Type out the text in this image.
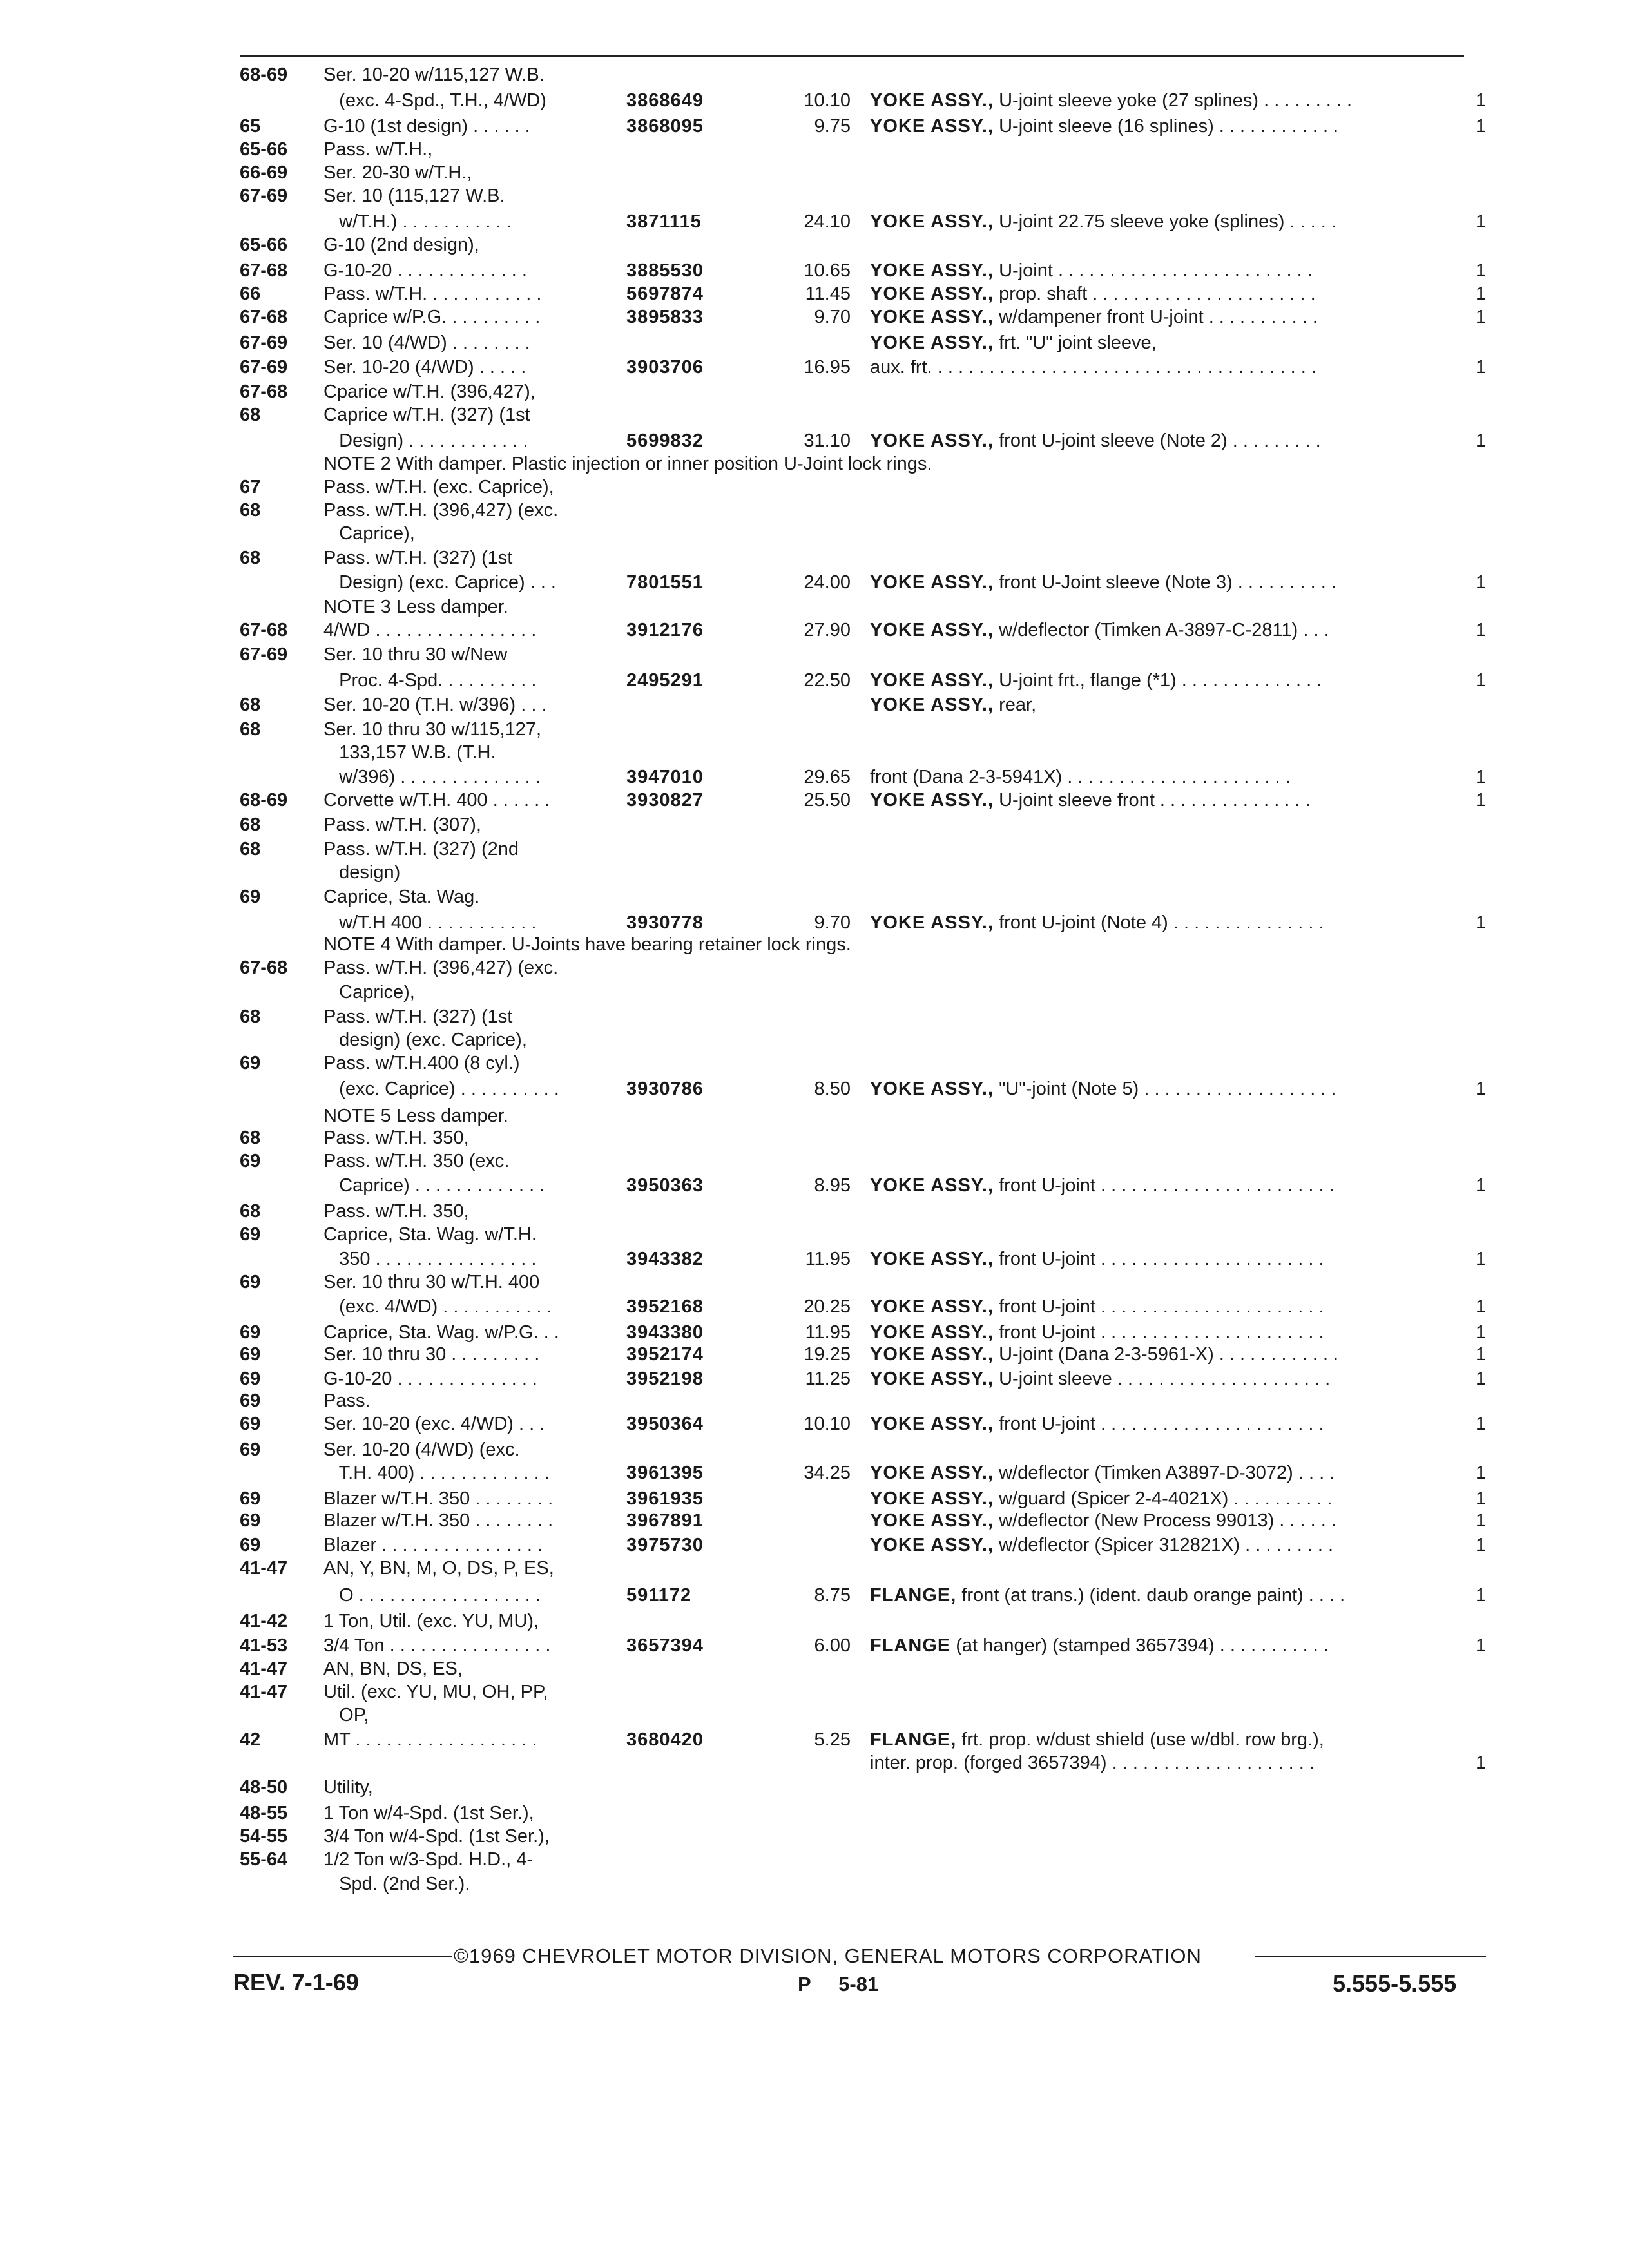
68-69 Ser. 10-20 w/115,127 W.B.
(exc. 4-Spd., T.H., 4/WD)	3868649	10.10 YOKE ASSY., U-joint sleeve yoke (27 splines) . . . . . . . . .	1
65	G-10 (1st design) . . . . . .	3868095	9.75 YOKE ASSY., U-joint sleeve (16 splines) . . . . . . . . . . . .	1
65-66 Pass. w/T.H.,
66-69 Ser. 20-30 w/T.H.,
67-69 Ser. 10 (115,127 W.B.
w/T.H.) . . . . . . . . . . .	3871115	24.10 YOKE ASSY., U-joint 22.75 sleeve yoke (splines) . . . . .	1
65-66 G-10 (2nd design),
67-68 G-10-20 . . . . . . . . . . . . .	3885530	10.65 YOKE ASSY., U-joint . . . . . . . . . . . . . . . . . . . . . . . . .	1
66	Pass. w/T.H. . . . . . . . . . . .	5697874	11.45 YOKE ASSY., prop. shaft . . . . . . . . . . . . . . . . . . . . . .	1
67-68 Caprice w/P.G. . . . . . . . . .	3895833	9.70 YOKE ASSY., w/dampener front U-joint . . . . . . . . . . .	1
67-69 Ser. 10 (4/WD) . . . . . . . .	YOKE ASSY., frt. "U" joint sleeve,
67-69 Ser. 10-20 (4/WD) . . . . .	3903706	16.95 aux. frt. . . . . . . . . . . . . . . . . . . . . . . . . . . . . . . . . . . . . .	1
67-68 Cparice w/T.H. (396,427),
68	Caprice w/T.H. (327) (1st
Design) . . . . . . . . . . . .	5699832	31.10 YOKE ASSY., front U-joint sleeve (Note 2) . . . . . . . . .	1
NOTE 2 With damper. Plastic injection or inner position U-Joint lock rings.
67	Pass. w/T.H. (exc. Caprice),
68	Pass. w/T.H. (396,427) (exc.
Caprice),
68	Pass. w/T.H. (327) (1st
Design) (exc. Caprice) . . .	7801551	24.00 YOKE ASSY., front U-Joint sleeve (Note 3) . . . . . . . . . .	1
NOTE 3 Less damper.
67-68 4/WD . . . . . . . . . . . . . . . .	3912176	27.90 YOKE ASSY., w/deflector (Timken A-3897-C-2811) . . .	1
67-69 Ser. 10 thru 30 w/New
Proc. 4-Spd. . . . . . . . . .	2495291	22.50 YOKE ASSY., U-joint frt., flange (*1) . . . . . . . . . . . . . .	1
68	Ser. 10-20 (T.H. w/396) . . .	YOKE ASSY., rear,
68	Ser. 10 thru 30 w/115,127,
133,157 W.B. (T.H.
w/396) . . . . . . . . . . . . . .	3947010	29.65 front (Dana 2-3-5941X) . . . . . . . . . . . . . . . . . . . . . .	1
68-69 Corvette w/T.H. 400 . . . . . .	3930827	25.50 YOKE ASSY., U-joint sleeve front . . . . . . . . . . . . . . .	1
68	Pass. w/T.H. (307),
68	Pass. w/T.H. (327) (2nd
design)
69	Caprice, Sta. Wag.
w/T.H 400 . . . . . . . . . . .	3930778	9.70 YOKE ASSY., front U-joint (Note 4) . . . . . . . . . . . . . . .	1
NOTE 4 With damper. U-Joints have bearing retainer lock rings.
67-68 Pass. w/T.H. (396,427) (exc.
Caprice),
68	Pass. w/T.H. (327) (1st
design) (exc. Caprice),
69	Pass. w/T.H.400 (8 cyl.)
(exc. Caprice) . . . . . . . . . .	3930786	8.50 YOKE ASSY., "U"-joint (Note 5) . . . . . . . . . . . . . . . . . . .	1
NOTE 5 Less damper.
68	Pass. w/T.H. 350,
69	Pass. w/T.H. 350 (exc.
Caprice) . . . . . . . . . . . . .	3950363	8.95 YOKE ASSY., front U-joint . . . . . . . . . . . . . . . . . . . . . . .	1
68	Pass. w/T.H. 350,
69	Caprice, Sta. Wag. w/T.H.
350 . . . . . . . . . . . . . . . .	3943382	11.95 YOKE ASSY., front U-joint . . . . . . . . . . . . . . . . . . . . . .	1
69	Ser. 10 thru 30 w/T.H. 400
(exc. 4/WD) . . . . . . . . . . .	3952168	20.25 YOKE ASSY., front U-joint . . . . . . . . . . . . . . . . . . . . . .	1
69	Caprice, Sta. Wag. w/P.G. . .	3943380	11.95 YOKE ASSY., front U-joint . . . . . . . . . . . . . . . . . . . . . .	1
69	Ser. 10 thru 30 . . . . . . . . .	3952174	19.25 YOKE ASSY., U-joint (Dana 2-3-5961-X) . . . . . . . . . . . .	1
69	G-10-20 . . . . . . . . . . . . . .	3952198	11.25 YOKE ASSY., U-joint sleeve . . . . . . . . . . . . . . . . . . . . .	1
69	Pass.
69	Ser. 10-20 (exc. 4/WD) . . .	3950364	10.10 YOKE ASSY., front U-joint . . . . . . . . . . . . . . . . . . . . . .	1
69	Ser. 10-20 (4/WD) (exc.
T.H. 400) . . . . . . . . . . . . .	3961395	34.25 YOKE ASSY., w/deflector (Timken A3897-D-3072) . . . .	1
69	Blazer w/T.H. 350 . . . . . . . .	3961935	YOKE ASSY., w/guard (Spicer 2-4-4021X) . . . . . . . . . .	1
69	Blazer w/T.H. 350 . . . . . . . .	3967891	YOKE ASSY., w/deflector (New Process 99013) . . . . . .	1
69	Blazer . . . . . . . . . . . . . . . .	3975730	YOKE ASSY., w/deflector (Spicer 312821X) . . . . . . . . .	1
41-47 AN, Y, BN, M, O, DS, P, ES,
O . . . . . . . . . . . . . . . . . .	591172	8.75 FLANGE, front (at trans.) (ident. daub orange paint) . . . .	1
41-42 1 Ton, Util. (exc. YU, MU),
41-53 3/4 Ton . . . . . . . . . . . . . . . .	3657394	6.00 FLANGE (at hanger) (stamped 3657394) . . . . . . . . . . .	1
41-47 AN, BN, DS, ES,
41-47 Util. (exc. YU, MU, OH, PP,
OP,
42	MT . . . . . . . . . . . . . . . . . .	3680420	5.25 FLANGE, frt. prop. w/dust shield (use w/dbl. row brg.),
inter. prop. (forged 3657394) . . . . . . . . . . . . . . . . . . . .	1
48-50 Utility,
48-55 1 Ton w/4-Spd. (1st Ser.),
54-55 3/4 Ton w/4-Spd. (1st Ser.),
55-64 1/2 Ton w/3-Spd. H.D., 4-
Spd. (2nd Ser.).
©1969 CHEVROLET MOTOR DIVISION, GENERAL MOTORS CORPORATION
REV. 7-1-69	P     5-81	5.555-5.555
